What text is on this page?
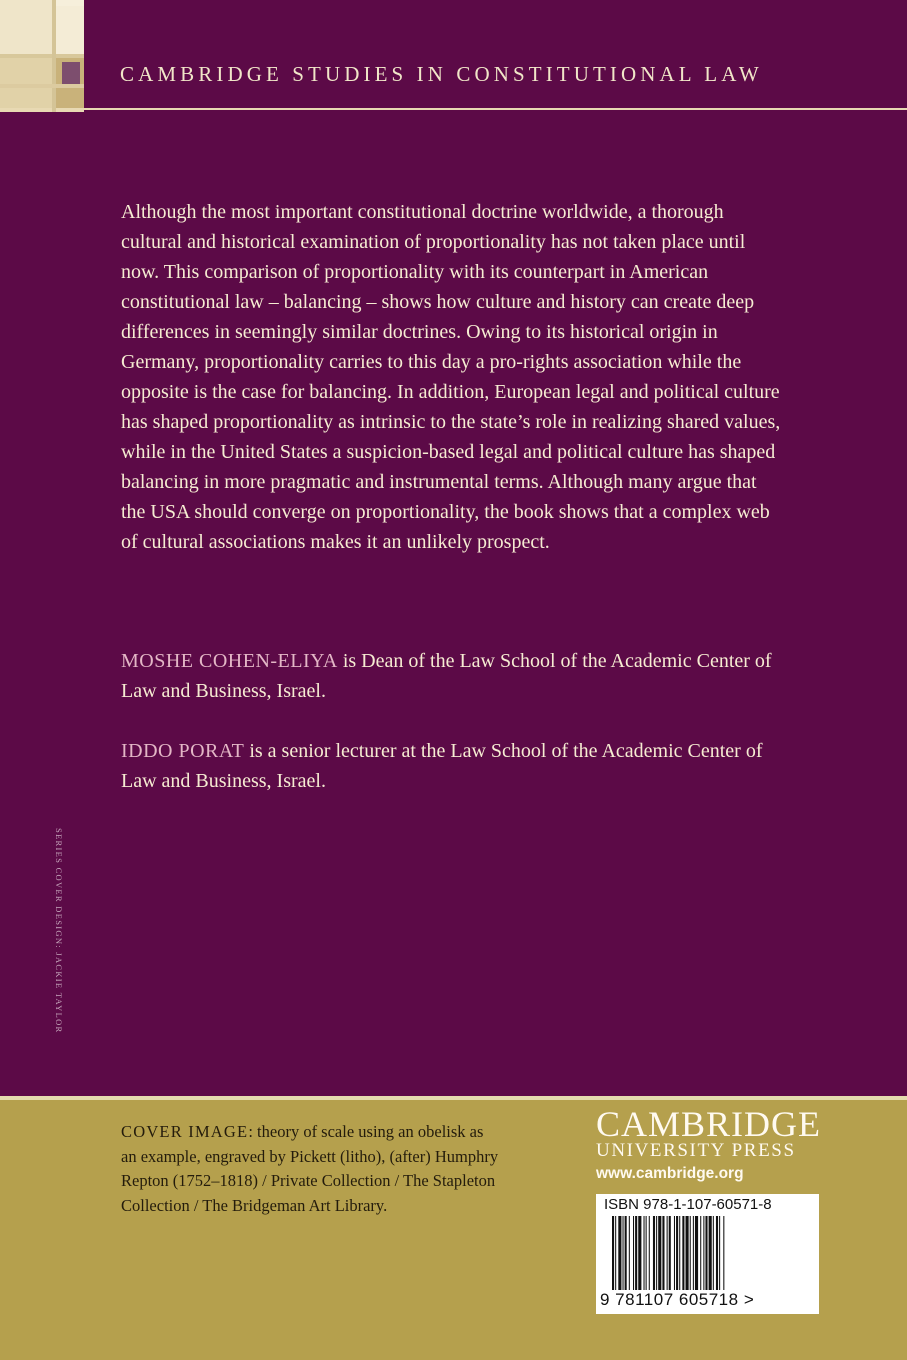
CAMBRIDGE STUDIES IN CONSTITUTIONAL LAW

Although the most important constitutional doctrine worldwide, a thorough cultural and historical examination of proportionality has not taken place until now. This comparison of proportionality with its counterpart in American constitutional law – balancing – shows how culture and history can create deep differences in seemingly similar doctrines. Owing to its historical origin in Germany, proportionality carries to this day a pro-rights association while the opposite is the case for balancing. In addition, European legal and political culture has shaped proportionality as intrinsic to the state’s role in realizing shared values, while in the United States a suspicion-based legal and political culture has shaped balancing in more pragmatic and instrumental terms. Although many argue that the USA should converge on proportionality, the book shows that a complex web of cultural associations makes it an unlikely prospect.

MOSHE COHEN-ELIYA is Dean of the Law School of the Academic Center of Law and Business, Israel.

IDDO PORAT is a senior lecturer at the Law School of the Academic Center of Law and Business, Israel.

SERIES COVER DESIGN: JACKIE TAYLOR

COVER IMAGE: theory of scale using an obelisk as an example, engraved by Pickett (litho), (after) Humphry Repton (1752–1818) / Private Collection / The Stapleton Collection / The Bridgeman Art Library.

CAMBRIDGE
UNIVERSITY PRESS
www.cambridge.org
ISBN 978-1-107-60571-8
9 781107 605718 >
